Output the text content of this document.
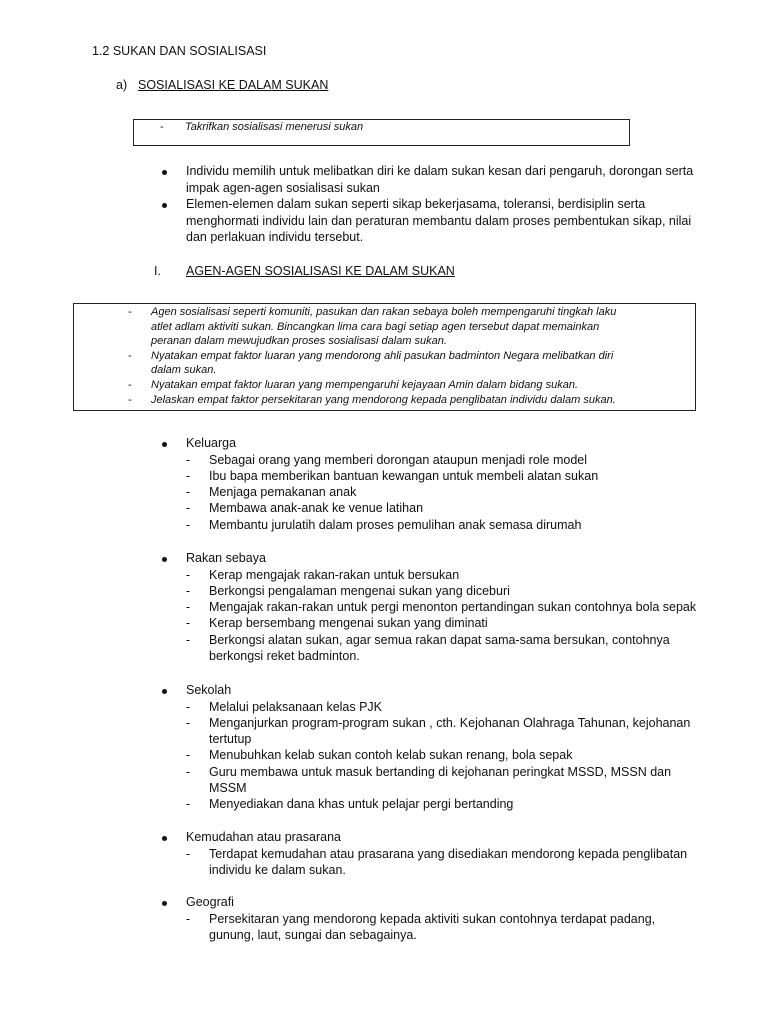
1.2 SUKAN DAN SOSIALISASI
a) SOSIALISASI KE DALAM SUKAN
- Takrifkan sosialisasi menerusi sukan
Individu memilih untuk melibatkan diri ke dalam sukan kesan dari pengaruh, dorongan serta
impak agen-agen sosialisasi sukan
Elemen-elemen dalam sukan seperti sikap bekerjasama, toleransi, berdisiplin serta
menghormati individu lain dan peraturan membantu dalam proses pembentukan sikap, nilai
dan perlakuan individu tersebut.
I. AGEN-AGEN SOSIALISASI KE DALAM SUKAN
- Agen sosialisasi seperti komuniti, pasukan dan rakan sebaya boleh mempengaruhi tingkah laku
atlet adlam aktiviti sukan. Bincangkan lima cara bagi setiap agen tersebut dapat memainkan
peranan dalam mewujudkan proses sosialisasi dalam sukan.
- Nyatakan empat faktor luaran yang mendorong ahli pasukan badminton Negara melibatkan diri
dalam sukan.
- Nyatakan empat faktor luaran yang mempengaruhi kejayaan Amin dalam bidang sukan.
- Jelaskan empat faktor persekitaran yang mendorong kepada penglibatan individu dalam sukan.
Keluarga
- Sebagai orang yang memberi dorongan ataupun menjadi role model
- Ibu bapa memberikan bantuan kewangan untuk membeli alatan sukan
- Menjaga pemakanan anak
- Membawa anak-anak ke venue latihan
- Membantu jurulatih dalam proses pemulihan anak semasa dirumah
Rakan sebaya
- Kerap mengajak rakan-rakan untuk bersukan
- Berkongsi pengalaman mengenai sukan yang diceburi
- Mengajak rakan-rakan untuk pergi menonton pertandingan sukan contohnya bola sepak
- Kerap bersembang mengenai sukan yang diminati
- Berkongsi alatan sukan, agar semua rakan dapat sama-sama bersukan, contohnya
berkongsi reket badminton.
Sekolah
- Melalui pelaksanaan kelas PJK
- Menganjurkan program-program sukan , cth. Kejohanan Olahraga Tahunan, kejohanan
tertutup
- Menubuhkan kelab sukan contoh kelab sukan renang, bola sepak
- Guru membawa untuk masuk bertanding di kejohanan peringkat MSSD, MSSN dan
MSSM
- Menyediakan dana khas untuk pelajar pergi bertanding
Kemudahan atau prasarana
- Terdapat kemudahan atau prasarana yang disediakan mendorong kepada penglibatan
individu ke dalam sukan.
Geografi
- Persekitaran yang mendorong kepada aktiviti sukan contohnya terdapat padang,
gunung, laut, sungai dan sebagainya.
